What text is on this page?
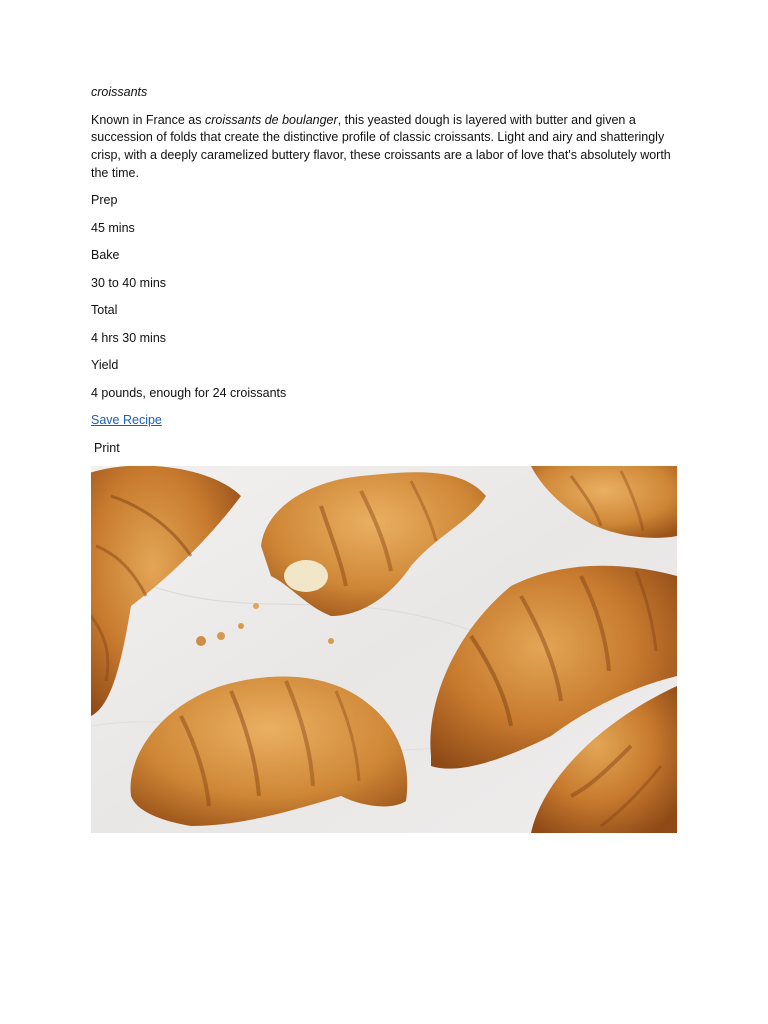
croissants

Known in France as croissants de boulanger, this yeasted dough is layered with butter and given a succession of folds that create the distinctive profile of classic croissants. Light and airy and shatteringly crisp, with a deeply caramelized buttery flavor, these croissants are a labor of love that's absolutely worth the time.

Prep

45 mins

Bake

30 to 40 mins

Total

4 hrs 30 mins

Yield

4 pounds, enough for 24 croissants

Save Recipe

Print
